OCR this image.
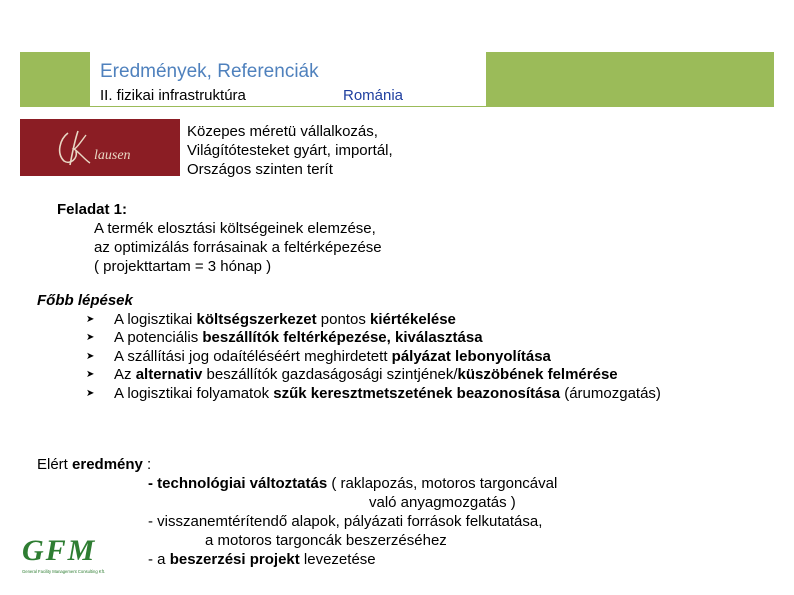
Eredmények, Referenciák
II. fizikai infrastruktúra	Románia
lausen
Közepes méretü vállalkozás,
Világítótesteket gyárt, importál,
Országos szinten terít
Feladat 1:
A termék elosztási költségeinek elemzése,
az optimizálás forrásainak a feltérképezése
( projekttartam = 3 hónap )
Főbb lépések
➤ A logisztikai költségszerkezet pontos kiértékelése
➤ A potenciális beszállítók feltérképezése, kiválasztása
➤ A szállítási jog odaítéléséért meghirdetett pályázat lebonyolítása
➤ Az alternativ beszállítók gazdaságosági szintjének/küszöbének felmérése
➤ A logisztikai folyamatok szűk keresztmetszetének beazonosítása (árumozgatás)
Elért eredmény :
- technológiai változtatás ( raklapozás, motoros targoncával
való anyagmozgatás )
- visszanemtérítendő alapok, pályázati források felkutatása,
a motoros targoncák beszerzéséhez
- a beszerzési projekt levezetése
GFM
General Facility Management Consulting Kft.
